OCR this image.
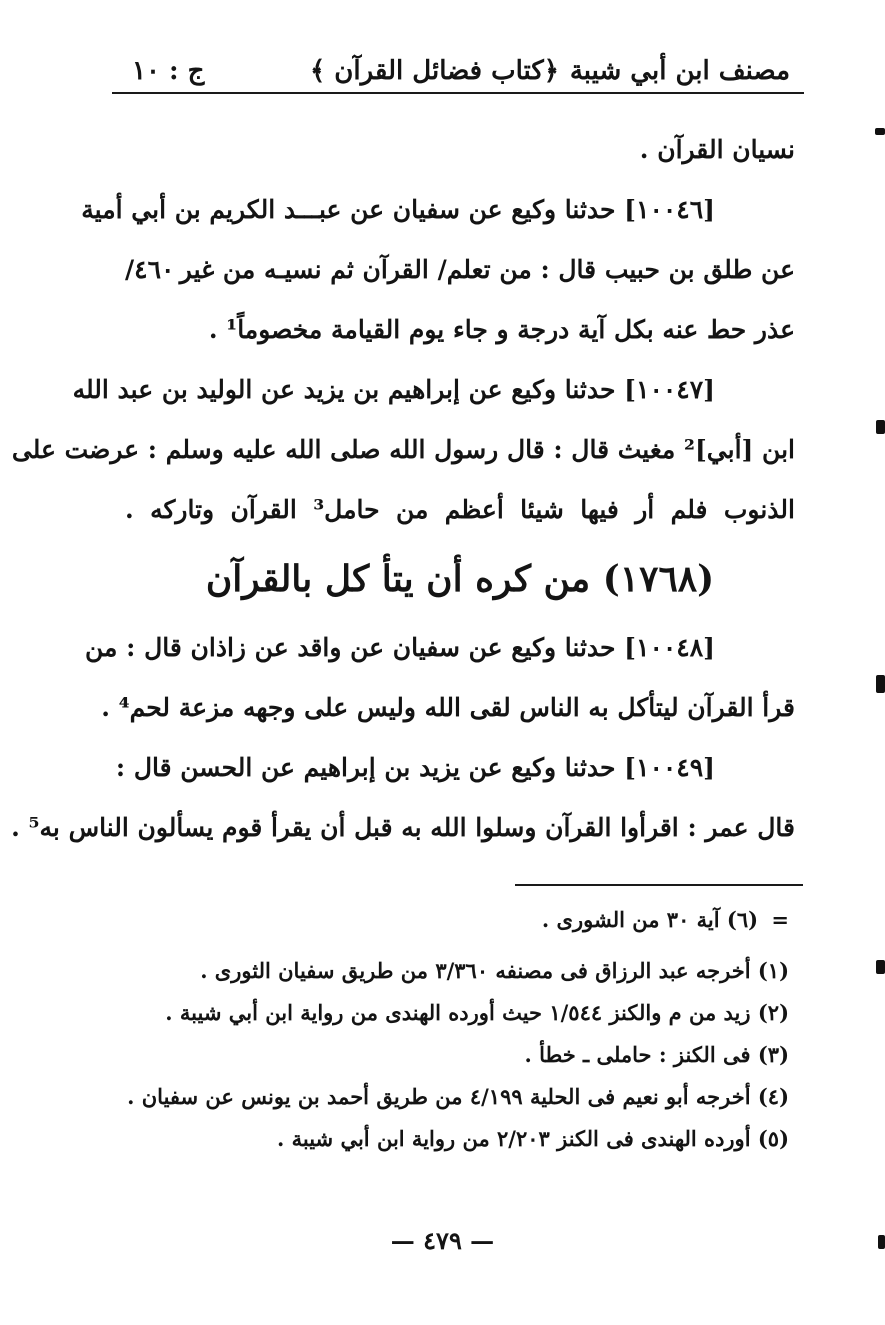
مصنف ابن أبي شيبة
﴿كتاب فضائل القرآن ﴾
ج : ١٠
نسيان القرآن .
[١٠٠٤٦] حدثنا وكيع عن سفيان عن عبـــد الكريم بن أبي أمية
عن طلق بن حبيب قال : من تعلم/ القرآن ثم نسيـه من غير
٤٦٠/
عذر حط عنه بكل آية درجة و جاء يوم القيامة مخصوماً¹ .
[١٠٠٤٧] حدثنا وكيع عن إبراهيم بن يزيد عن الوليد بن عبد الله
ابن [أبي]² مغيث قال : قال رسول الله صلى الله عليه وسلم : عرضت على
الذنوب فلم أر فيها شيئا أعظم من حامل³ القرآن وتاركه .
(١٧٦٨) من كره أن يتأ كل بالقرآن
[١٠٠٤٨] حدثنا وكيع عن سفيان عن واقد عن زاذان قال : من
قرأ القرآن ليتأكل به الناس لقى الله وليس على وجهه مزعة لحم⁴ .
[١٠٠٤٩] حدثنا وكيع عن يزيد بن إبراهيم عن الحسن قال :
قال عمر : اقرأوا القرآن وسلوا الله به قبل أن يقرأ قوم يسألون الناس به⁵ .
= (٦) آية ٣٠ من الشورى .
(١) أخرجه عبد الرزاق فى مصنفه ٣/٣٦٠ من طريق سفيان الثورى .
(٢) زيد من م والكنز ١/٥٤٤ حيث أورده الهندى من رواية ابن أبي شيبة .
(٣) فى الكنز : حاملى ـ خطأ .
(٤) أخرجه أبو نعيم فى الحلية ٤/١٩٩ من طريق أحمد بن يونس عن سفيان .
(٥) أورده الهندى فى الكنز ٢/٢٠٣ من رواية ابن أبي شيبة .
— ٤٧٩ —
